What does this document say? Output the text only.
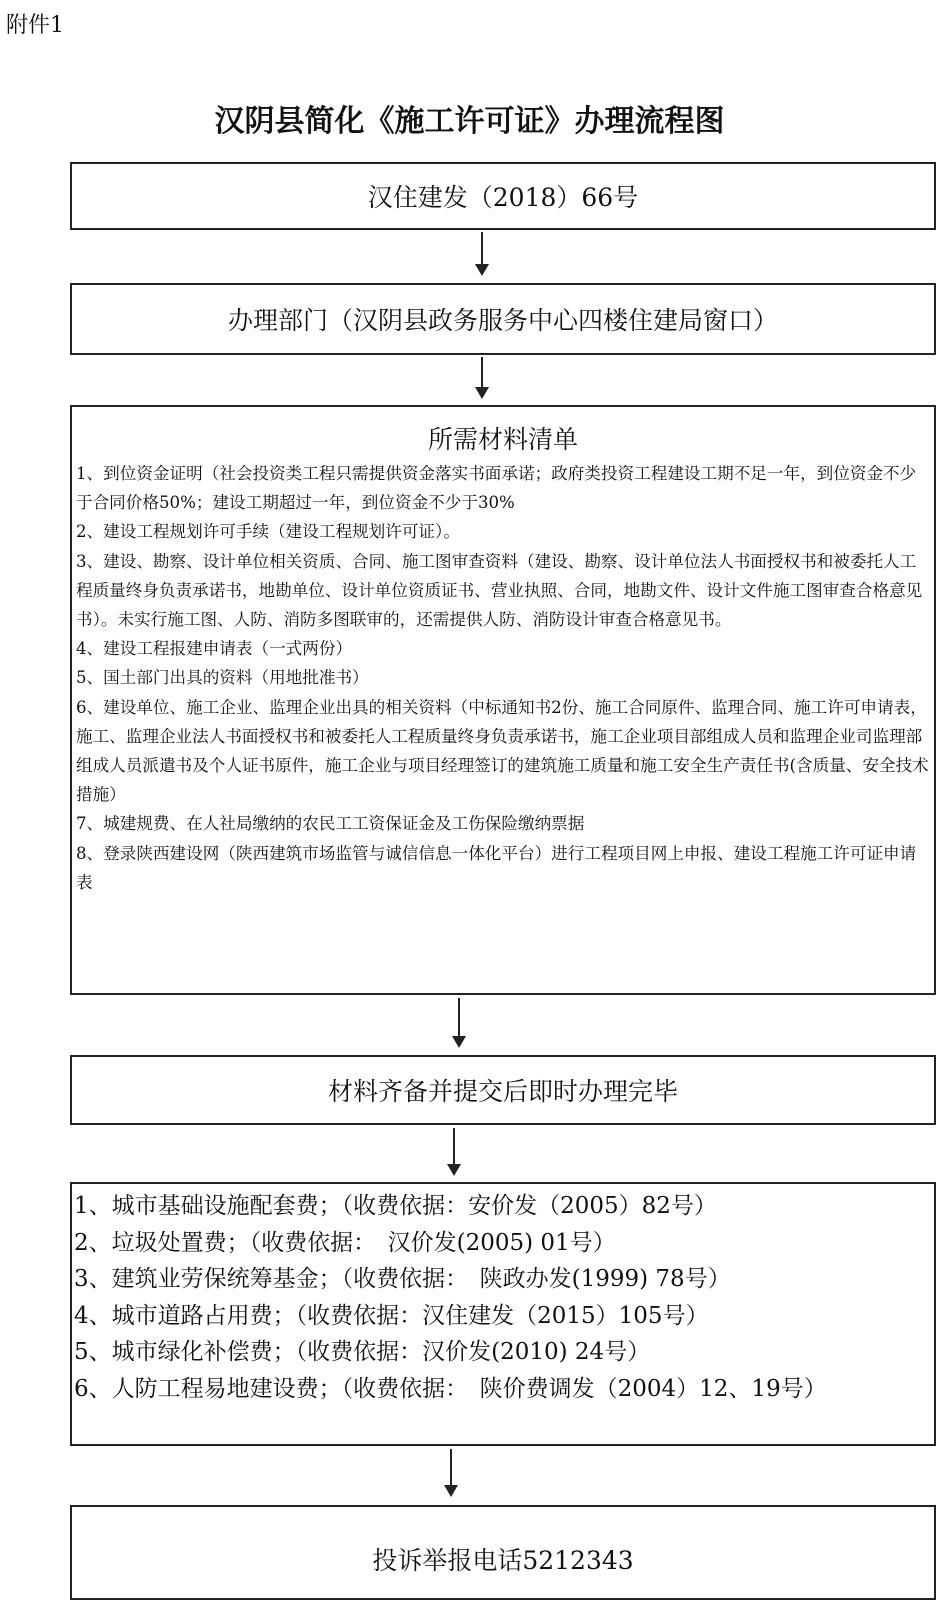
附件1
汉阴县简化《施工许可证》办理流程图
汉住建发（2018）66号
办理部门（汉阴县政务服务中心四楼住建局窗口）
所需材料清单
1、到位资金证明（社会投资类工程只需提供资金落实书面承诺；政府类投资工程建设工期不足一年，到位资金不少于合同价格50%；建设工期超过一年，到位资金不少于30%
2、建设工程规划许可手续（建设工程规划许可证）。
3、建设、勘察、设计单位相关资质、合同、施工图审查资料（建设、勘察、设计单位法人书面授权书和被委托人工程质量终身负责承诺书，地勘单位、设计单位资质证书、营业执照、合同，地勘文件、设计文件施工图审查合格意见书）。未实行施工图、人防、消防多图联审的，还需提供人防、消防设计审查合格意见书。
4、建设工程报建申请表（一式两份）
5、国土部门出具的资料（用地批准书）
6、建设单位、施工企业、监理企业出具的相关资料（中标通知书2份、施工合同原件、监理合同、施工许可申请表，施工、监理企业法人书面授权书和被委托人工程质量终身负责承诺书，施工企业项目部组成人员和监理企业司监理部组成人员派遣书及个人证书原件，施工企业与项目经理签订的建筑施工质量和施工安全生产责任书(含质量、安全技术措施）
7、城建规费、在人社局缴纳的农民工工资保证金及工伤保险缴纳票据
8、登录陕西建设网（陕西建筑市场监管与诚信信息一体化平台）进行工程项目网上申报、建设工程施工许可证申请表
材料齐备并提交后即时办理完毕
1、城市基础设施配套费；（收费依据：安价发（2005）82号）
2、垃圾处置费；（收费依据：　汉价发(2005) 01号）
3、建筑业劳保统筹基金；（收费依据：　陕政办发(1999) 78号）
4、城市道路占用费；（收费依据：汉住建发（2015）105号）
5、城市绿化补偿费；（收费依据：汉价发(2010) 24号）
6、人防工程易地建设费；（收费依据：　陕价费调发（2004）12、19号）
投诉举报电话5212343
